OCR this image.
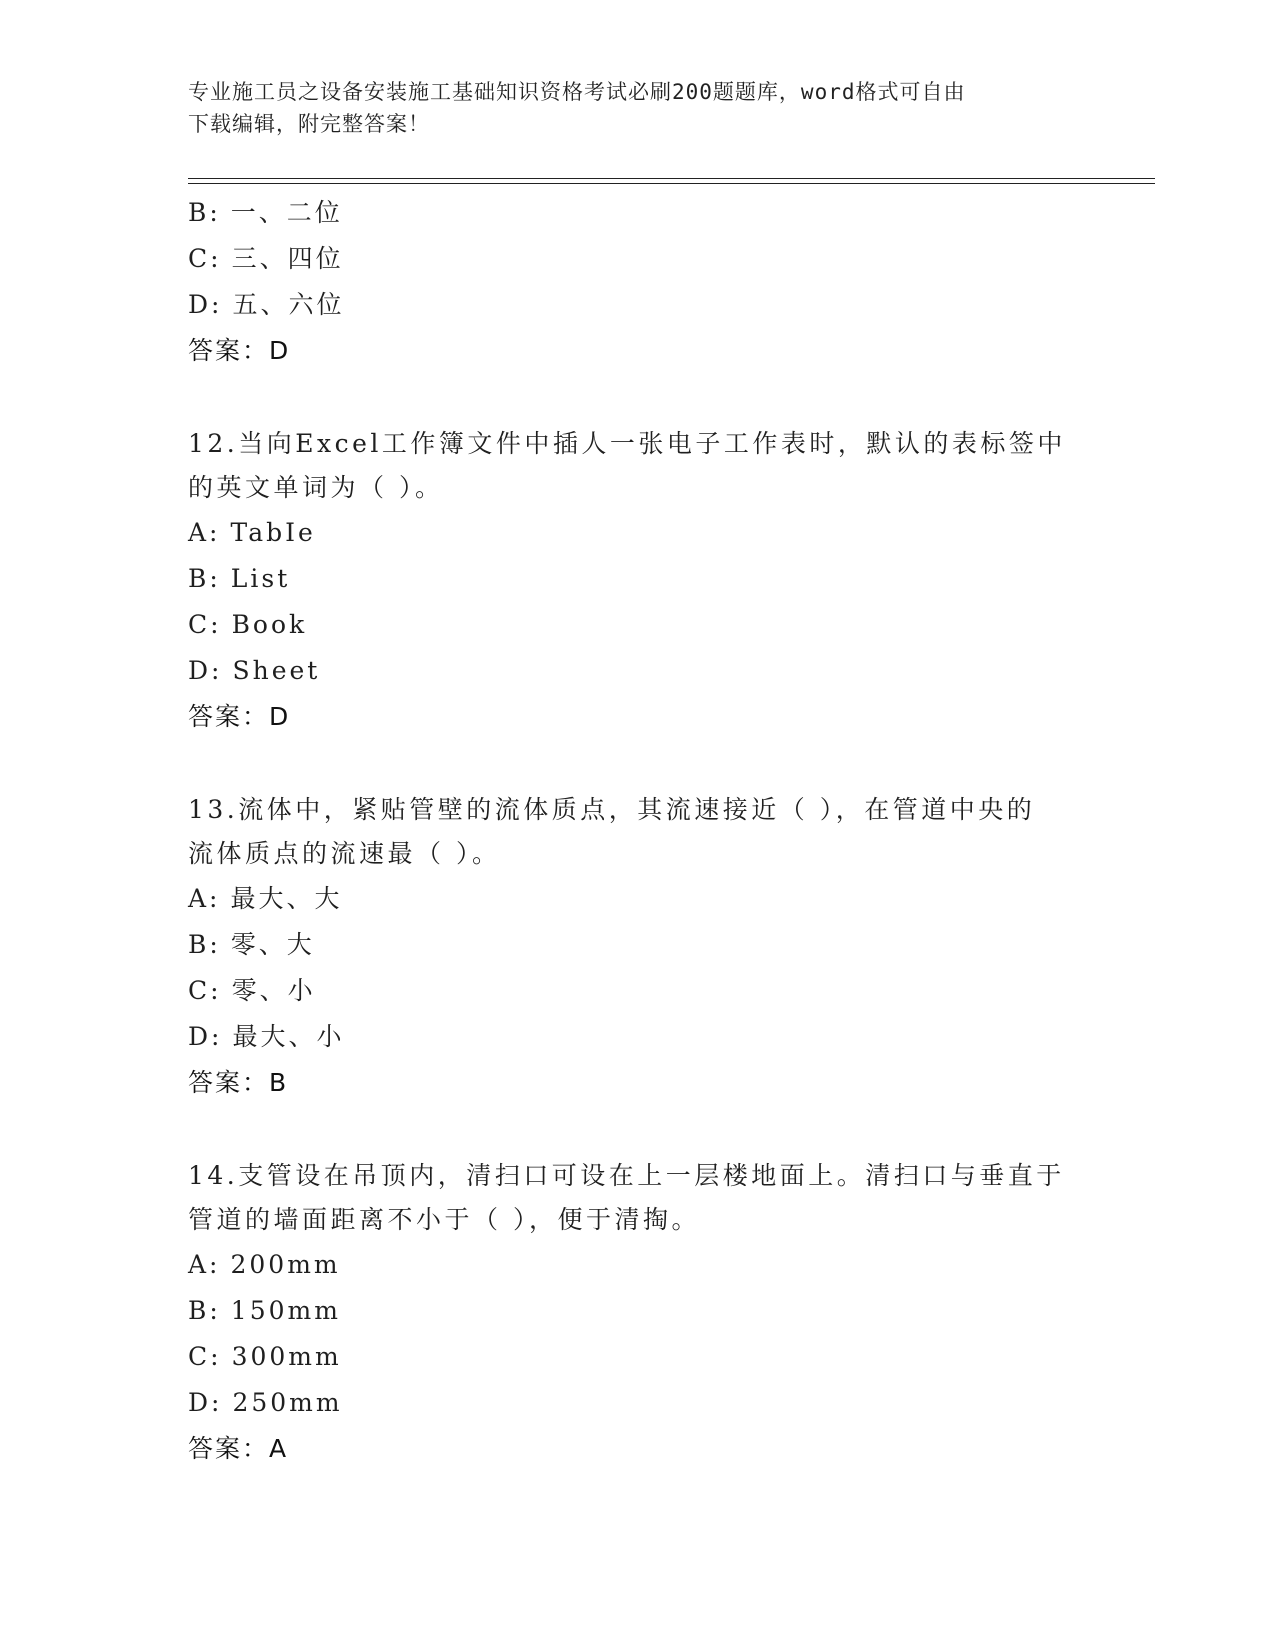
专业施工员之设备安装施工基础知识资格考试必刷200题题库，word格式可自由
下载编辑，附完整答案！
B: 一、二位
C: 三、四位
D: 五、六位
答案：D
12.当向Excel工作簿文件中插人一张电子工作表时，默认的表标签中
的英文单词为（ ）。
A: TabIe
B: List
C: Book
D: Sheet
答案：D
13.流体中，紧贴管壁的流体质点，其流速接近（ ），在管道中央的
流体质点的流速最（ ）。
A: 最大、大
B: 零、大
C: 零、小
D: 最大、小
答案：B
14.支管设在吊顶内，清扫口可设在上一层楼地面上。清扫口与垂直于
管道的墙面距离不小于（ ），便于清掏。
A: 200mm
B: 150mm
C: 300mm
D: 250mm
答案：A
